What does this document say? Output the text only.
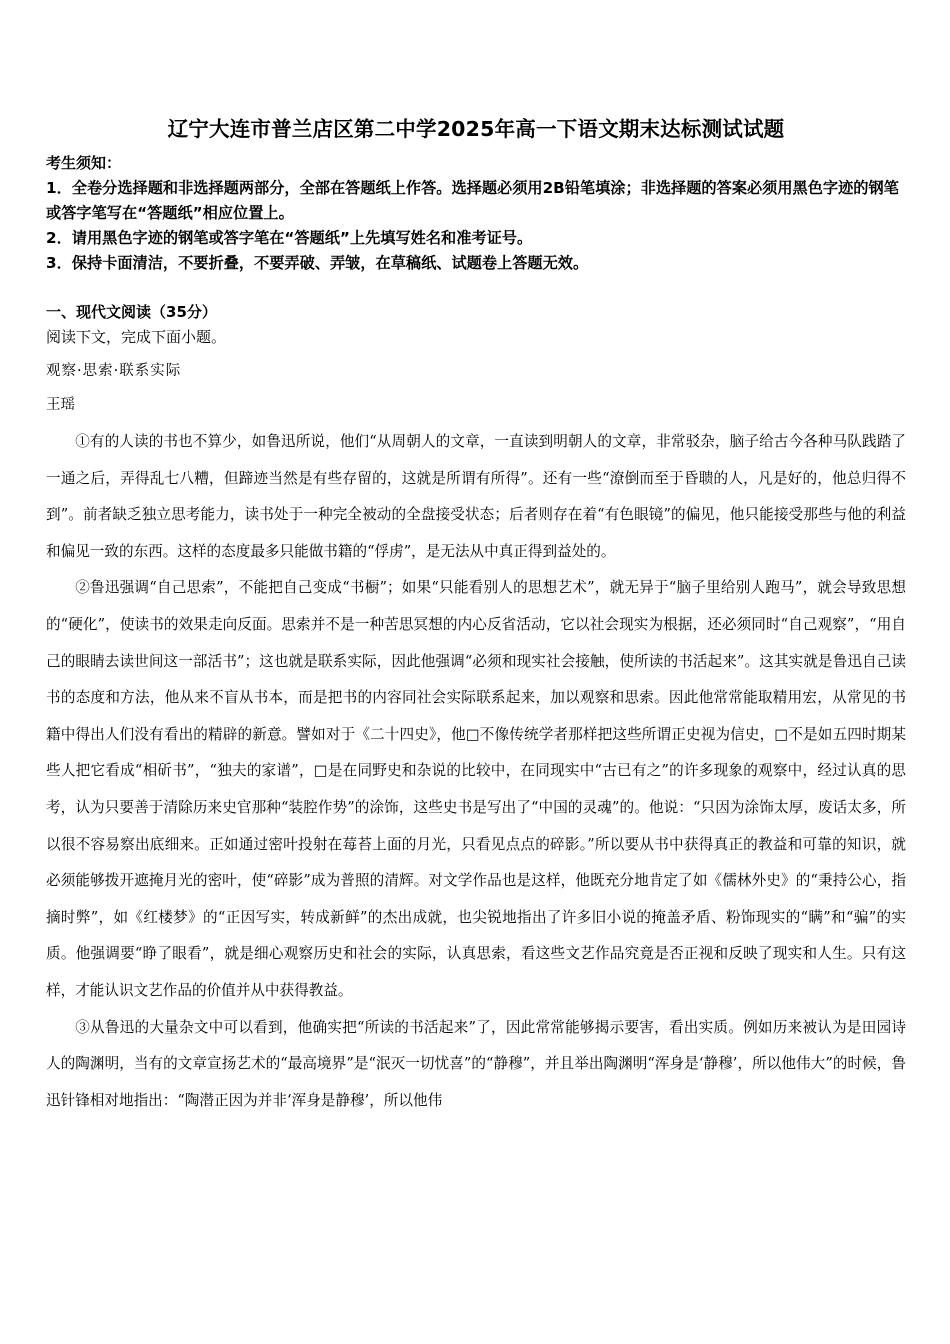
辽宁大连市普兰店区第二中学2025年高一下语文期末达标测试试题
考生须知：

1．全卷分选择题和非选择题两部分，全部在答题纸上作答。选择题必须用2B铅笔填涂；非选择题的答案必须用黑色字迹的钢笔或答字笔写在“答题纸”相应位置上。

2．请用黑色字迹的钢笔或答字笔在“答题纸”上先填写姓名和准考证号。

3．保持卡面清洁，不要折叠，不要弄破、弄皱，在草稿纸、试题卷上答题无效。

一、现代文阅读（35分）
阅读下文，完成下面小题。
观察·思索·联系实际
王瑶

①有的人读的书也不算少，如鲁迅所说，他们“从周朝人的文章，一直读到明朝人的文章，非常驳杂，脑子给古今各种马队践踏了一通之后，弄得乱七八糟，但蹄迹当然是有些存留的，这就是所谓有所得”。还有一些“潦倒而至于昏聩的人，凡是好的，他总归得不到”。前者缺乏独立思考能力，读书处于一种完全被动的全盘接受状态；后者则存在着“有色眼镜”的偏见，他只能接受那些与他的利益和偏见一致的东西。这样的态度最多只能做书籍的“俘虏”，是无法从中真正得到益处的。

②鲁迅强调“自己思索”，不能把自己变成“书橱”；如果“只能看别人的思想艺术”，就无异于“脑子里给别人跑马”，就会导致思想的“硬化”，使读书的效果走向反面。思索并不是一种苦思冥想的内心反省活动，它以社会现实为根据，还必须同时“自己观察”，“用自己的眼睛去读世间这一部活书”；这也就是联系实际，因此他强调“必须和现实社会接触，使所读的书活起来”。这其实就是鲁迅自己读书的态度和方法，他从来不盲从书本，而是把书的内容同社会实际联系起来，加以观察和思索。因此他常常能取精用宏，从常见的书籍中得出人们没有看出的精辟的新意。譬如对于《二十四史》，他□不像传统学者那样把这些所谓正史视为信史，□不是如五四时期某些人把它看成“相斫书”，“独夫的家谱”，□是在同野史和杂说的比较中，在同现实中“古已有之”的许多现象的观察中，经过认真的思考，认为只要善于清除历来史官那种“装腔作势”的涂饰，这些史书是写出了“中国的灵魂”的。他说：“只因为涂饰太厚，废话太多，所以很不容易察出底细来。正如通过密叶投射在莓苔上面的月光，只看见点点的碎影。”所以要从书中获得真正的教益和可靠的知识，就必须能够拨开遮掩月光的密叶，使“碎影”成为普照的清辉。对文学作品也是这样，他既充分地肯定了如《儒林外史》的“秉持公心，指摘时弊”，如《红楼梦》的“正因写实，转成新鲜”的杰出成就，也尖锐地指出了许多旧小说的掩盖矛盾、粉饰现实的“瞒”和“骗”的实质。他强调要“睁了眼看”，就是细心观察历史和社会的实际，认真思索，看这些文艺作品究竟是否正视和反映了现实和人生。只有这样，才能认识文艺作品的价值并从中获得教益。

③从鲁迅的大量杂文中可以看到，他确实把“所读的书活起来”了，因此常常能够揭示要害，看出实质。例如历来被认为是田园诗人的陶渊明，当有的文章宣扬艺术的“最高境界”是“泯灭一切忧喜”的“静穆”，并且举出陶渊明“浑身是‘静穆’，所以他伟大”的时候，鲁迅针锋相对地指出：“陶潜正因为并非‘浑身是静穆’，所以他伟
